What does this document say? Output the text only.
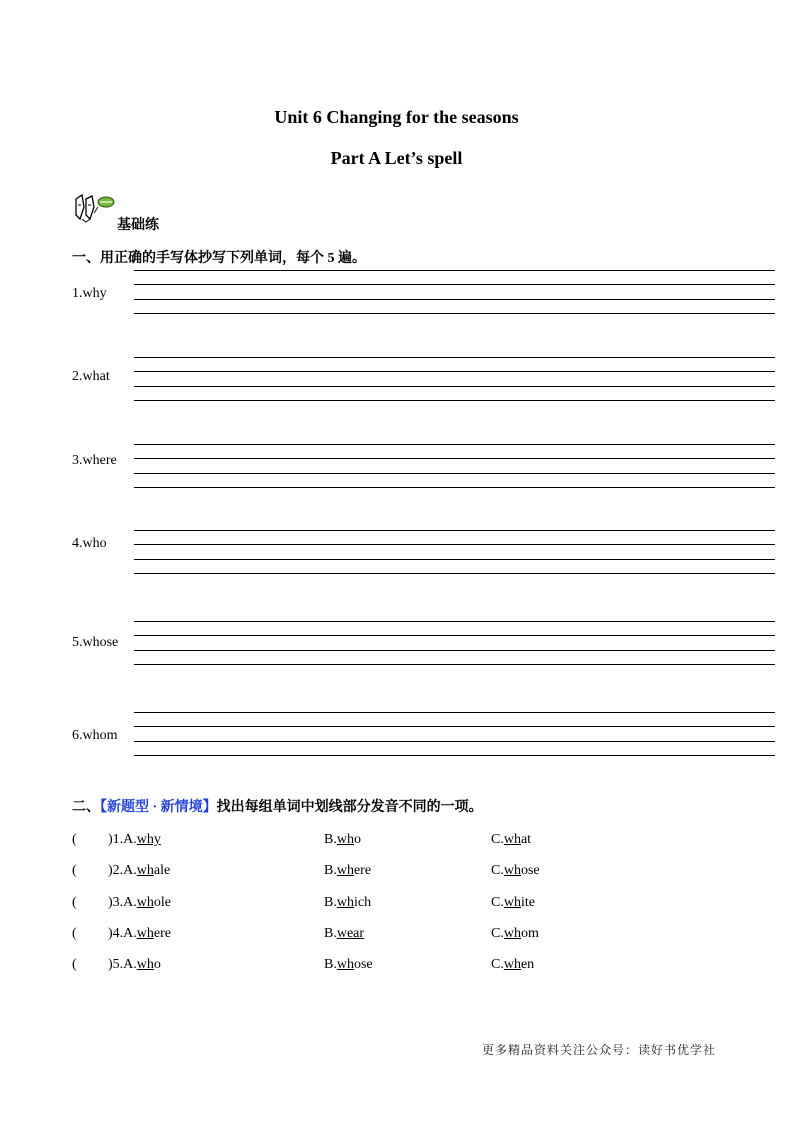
Unit 6 Changing for the seasons
Part A Let’s spell
基础练
一、用正确的手写体抄写下列单词，每个 5 遍。
1.why
2.what
3.where
4.who
5.whose
6.whom
二、【新题型 · 新情境】找出每组单词中划线部分发音不同的一项。
( )1.A.why	B.who	C.what
( )2.A.whale	B.where	C.whose
( )3.A.whole	B.which	C.white
( )4.A.where	B.wear	C.whom
( )5.A.who	B.whose	C.when
更多精品资料关注公众号：读好书优学社
